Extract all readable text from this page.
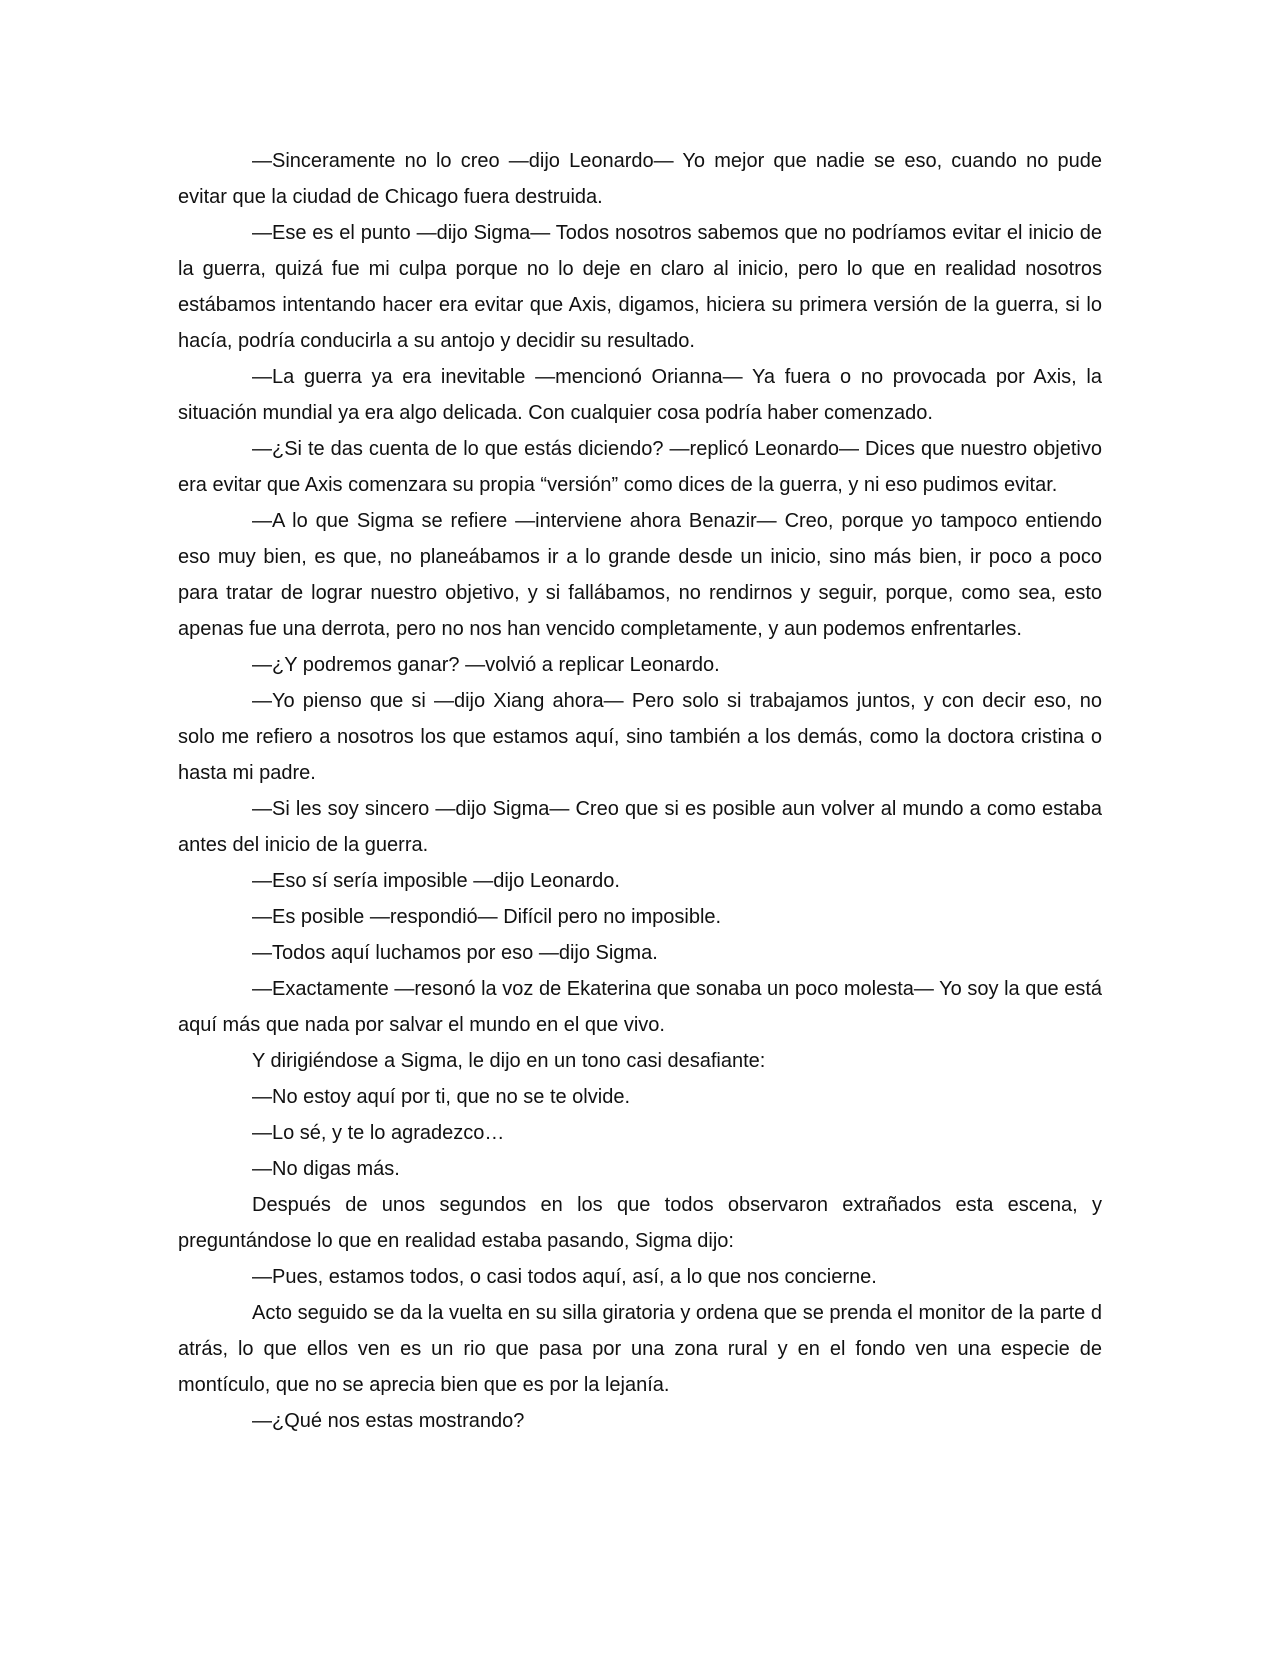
—Sinceramente no lo creo —dijo Leonardo— Yo mejor que nadie se eso, cuando no pude evitar que la ciudad de Chicago fuera destruida.

—Ese es el punto —dijo Sigma— Todos nosotros sabemos que no podríamos evitar el inicio de la guerra, quizá fue mi culpa porque no lo deje en claro al inicio, pero lo que en realidad nosotros estábamos intentando hacer era evitar que Axis, digamos, hiciera su primera versión de la guerra, si lo hacía, podría conducirla a su antojo y decidir su resultado.

—La guerra ya era inevitable —mencionó Orianna— Ya fuera o no provocada por Axis, la situación mundial ya era algo delicada. Con cualquier cosa podría haber comenzado.

—¿Si te das cuenta de lo que estás diciendo? —replicó Leonardo— Dices que nuestro objetivo era evitar que Axis comenzara su propia “versión” como dices de la guerra, y ni eso pudimos evitar.

—A lo que Sigma se refiere —interviene ahora Benazir— Creo, porque yo tampoco entiendo eso muy bien, es que, no planeábamos ir a lo grande desde un inicio, sino más bien, ir poco a poco para tratar de lograr nuestro objetivo, y si fallábamos, no rendirnos y seguir, porque, como sea, esto apenas fue una derrota, pero no nos han vencido completamente, y aun podemos enfrentarles.

—¿Y podremos ganar? —volvió a replicar Leonardo.

—Yo pienso que si —dijo Xiang ahora— Pero solo si trabajamos juntos, y con decir eso, no solo me refiero a nosotros los que estamos aquí, sino también a los demás, como la doctora cristina o hasta mi padre.

—Si les soy sincero —dijo Sigma— Creo que si es posible aun volver al mundo a como estaba antes del inicio de la guerra.

—Eso sí sería imposible —dijo Leonardo.

—Es posible —respondió— Difícil pero no imposible.

—Todos aquí luchamos por eso —dijo Sigma.

—Exactamente —resonó la voz de Ekaterina que sonaba un poco molesta— Yo soy la que está aquí más que nada por salvar el mundo en el que vivo.

Y dirigiéndose a Sigma, le dijo en un tono casi desafiante:

—No estoy aquí por ti, que no se te olvide.

—Lo sé, y te lo agradezco…

—No digas más.

Después de unos segundos en los que todos observaron extrañados esta escena, y preguntándose lo que en realidad estaba pasando, Sigma dijo:

—Pues, estamos todos, o casi todos aquí, así, a lo que nos concierne.

Acto seguido se da la vuelta en su silla giratoria y ordena que se prenda el monitor de la parte d atrás, lo que ellos ven es un rio que pasa por una zona rural y en el fondo ven una especie de montículo, que no se aprecia bien que es por la lejanía.

—¿Qué nos estas mostrando?
